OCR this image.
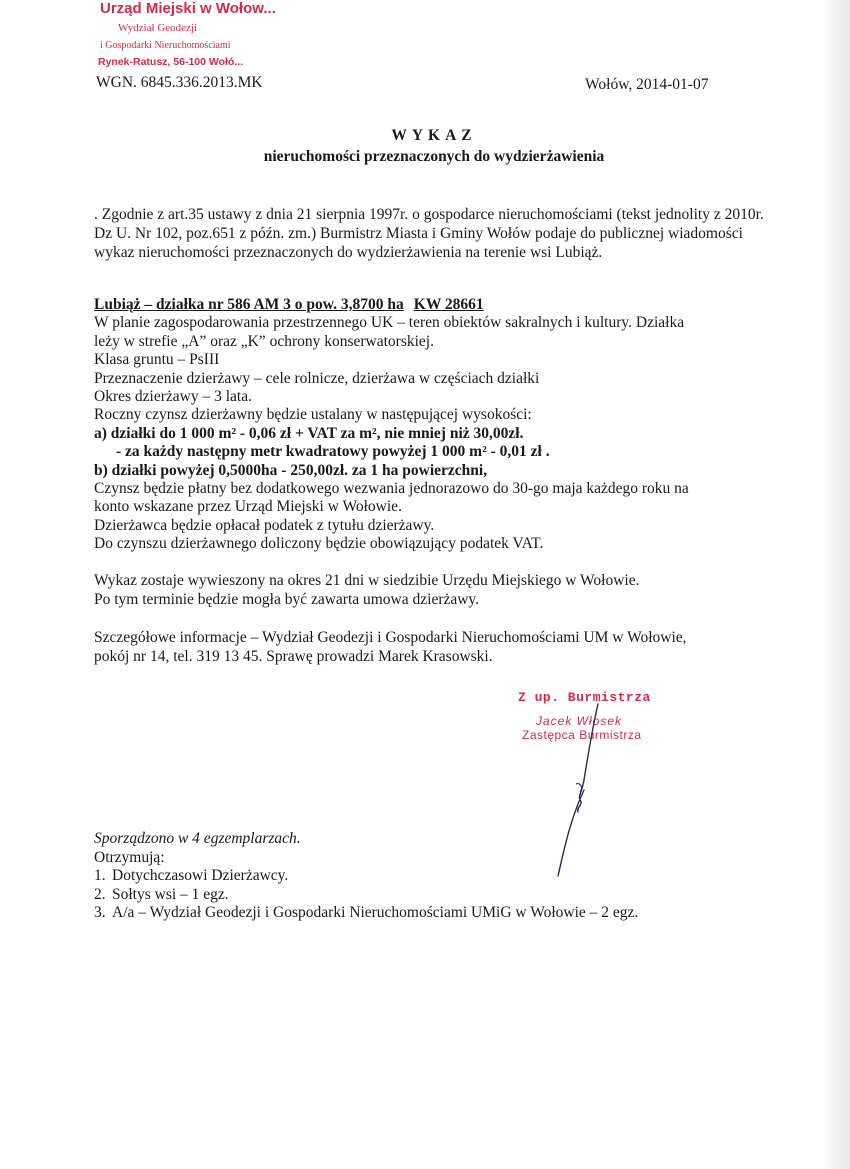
Urząd Miejski w Wołow...
Wydział Geodezji
i Gospodarki Nieruchomościami
Rynek-Ratusz, 56-100 Wołó...
WGN. 6845.336.2013.MK	Wołów, 2014-01-07
WYKAZ
nieruchomości przeznaczonych do wydzierżawienia
. Zgodnie z art.35 ustawy z dnia 21 sierpnia 1997r. o gospodarce nieruchomościami (tekst jednolity z 2010r. Dz U. Nr 102, poz.651 z późn. zm.) Burmistrz Miasta i Gminy Wołów podaje do publicznej wiadomości wykaz nieruchomości przeznaczonych do wydzierżawienia na terenie wsi Lubiąż.
Lubiąż – działka nr 586 AM 3 o pow. 3,8700 ha KW 28661
W planie zagospodarowania przestrzennego UK – teren obiektów sakralnych i kultury. Działka
leży w strefie „A” oraz „K” ochrony konserwatorskiej.
Klasa gruntu – PsIII
Przeznaczenie dzierżawy – cele rolnicze, dzierżawa w częściach działki
Okres dzierżawy – 3 lata.
Roczny czynsz dzierżawny będzie ustalany w następującej wysokości:
a) działki do 1 000 m² - 0,06 zł + VAT za m², nie mniej niż 30,00zł.
- za każdy następny metr kwadratowy powyżej 1 000 m² - 0,01 zł .
b) działki powyżej 0,5000ha - 250,00zł. za 1 ha powierzchni,
Czynsz będzie płatny bez dodatkowego wezwania jednorazowo do 30-go maja każdego roku na
konto wskazane przez Urząd Miejski w Wołowie.
Dzierżawca będzie opłacał podatek z tytułu dzierżawy.
Do czynszu dzierżawnego doliczony będzie obowiązujący podatek VAT.
Wykaz zostaje wywieszony na okres 21 dni w siedzibie Urzędu Miejskiego w Wołowie.
Po tym terminie będzie mogła być zawarta umowa dzierżawy.
Szczegółowe informacje – Wydział Geodezji i Gospodarki Nieruchomościami UM w Wołowie,
pokój nr 14, tel. 319 13 45. Sprawę prowadzi Marek Krasowski.
Z up. Burmistrza
Jacek Włosek
Zastępca Burmistrza
Sporządzono w 4 egzemplarzach.
Otrzymują:
1. Dotychczasowi Dzierżawcy.
2. Sołtys wsi – 1 egz.
3. A/a – Wydział Geodezji i Gospodarki Nieruchomościami UMiG w Wołowie – 2 egz.
